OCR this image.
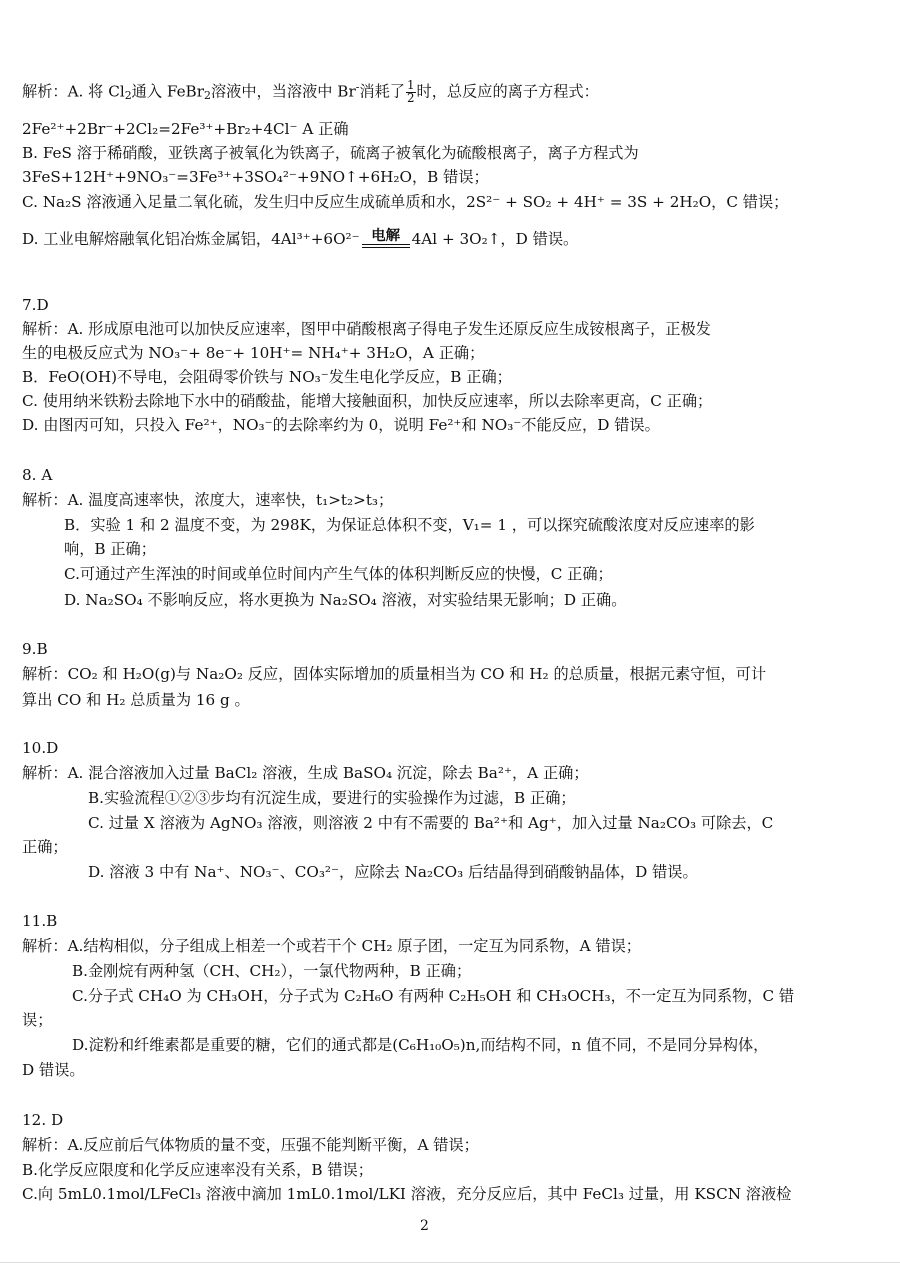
解析：A. 将 $Cl_2$通入 FeBr$_2$溶液中，当溶液中 Br-消耗了 $\frac{1}{2}$ 时，总反应的离子方程式：
2Fe²⁺+2Br⁻+2Cl₂=2Fe³⁺+Br₂+4Cl⁻ A 正确
B. FeS 溶于稀硝酸，亚铁离子被氧化为铁离子，硫离子被氧化为硫酸根离子，离子方程式为
3FeS+12H⁺+9NO₃⁻=3Fe³⁺+3SO₄²⁻+9NO↑+6H₂O，B 错误；
C. Na₂S 溶液通入足量二氧化硫，发生归中反应生成硫单质和水，2S²⁻ + SO₂ + 4H⁺ = 3S + 2H₂O，C 错误；
D. 工业电解熔融氧化铝冶炼金属铝，4Al³⁺+6O²⁻ 电解 4Al + 3O₂↑，D 错误。
7.D
解析：A. 形成原电池可以加快反应速率，图甲中硝酸根离子得电子发生还原反应生成铵根离子，正极发
生的电极反应式为 NO₃⁻+ 8e⁻+ 10H⁺= NH₄⁺+ 3H₂O，A 正确；
B．FeO(OH)不导电，会阻碍零价铁与 NO₃⁻发生电化学反应，B 正确；
C. 使用纳米铁粉去除地下水中的硝酸盐，能增大接触面积，加快反应速率，所以去除率更高，C 正确；
D. 由图丙可知，只投入 Fe²⁺，NO₃⁻的去除率约为 0，说明 Fe²⁺和 NO₃⁻不能反应，D 错误。
8. A
解析：A. 温度高速率快，浓度大，速率快，t₁>t₂>t₃；
B．实验 1 和 2 温度不变，为 298K，为保证总体积不变，V₁= 1 ，可以探究硫酸浓度对反应速率的影
响，B 正确；
C.可通过产生浑浊的时间或单位时间内产生气体的体积判断反应的快慢，C 正确；
D. Na₂SO₄ 不影响反应，将水更换为 Na₂SO₄ 溶液，对实验结果无影响；D 正确。
9.B
解析：CO₂ 和 H₂O(g)与 Na₂O₂ 反应，固体实际增加的质量相当为 CO 和 H₂ 的总质量，根据元素守恒，可计
算出 CO 和 H₂ 总质量为 16 g 。
10.D
解析：A. 混合溶液加入过量 BaCl₂ 溶液，生成 BaSO₄ 沉淀，除去 Ba²⁺，A 正确；
B.实验流程①②③步均有沉淀生成，要进行的实验操作为过滤，B 正确；
C. 过量 X 溶液为 AgNO₃ 溶液，则溶液 2 中有不需要的 Ba²⁺和 Ag⁺，加入过量 Na₂CO₃ 可除去，C
正确；
D. 溶液 3 中有 Na⁺、NO₃⁻、CO₃²⁻，应除去 Na₂CO₃ 后结晶得到硝酸钠晶体，D 错误。
11.B
解析：A.结构相似，分子组成上相差一个或若干个 CH₂ 原子团，一定互为同系物，A 错误；
B.金刚烷有两种氢（CH、CH₂），一氯代物两种，B 正确；
C.分子式 CH₄O 为 CH₃OH，分子式为 C₂H₆O 有两种 C₂H₅OH 和 CH₃OCH₃，不一定互为同系物，C 错
误；
D.淀粉和纤维素都是重要的糖，它们的通式都是(C₆H₁₀O₅)n,而结构不同，n 值不同，不是同分异构体，
D 错误。
12. D
解析：A.反应前后气体物质的量不变，压强不能判断平衡，A 错误；
B.化学反应限度和化学反应速率没有关系，B 错误；
C.向 5mL0.1mol/LFeCl₃ 溶液中滴加 1mL0.1mol/LKI 溶液，充分反应后，其中 FeCl₃ 过量，用 KSCN 溶液检
2
